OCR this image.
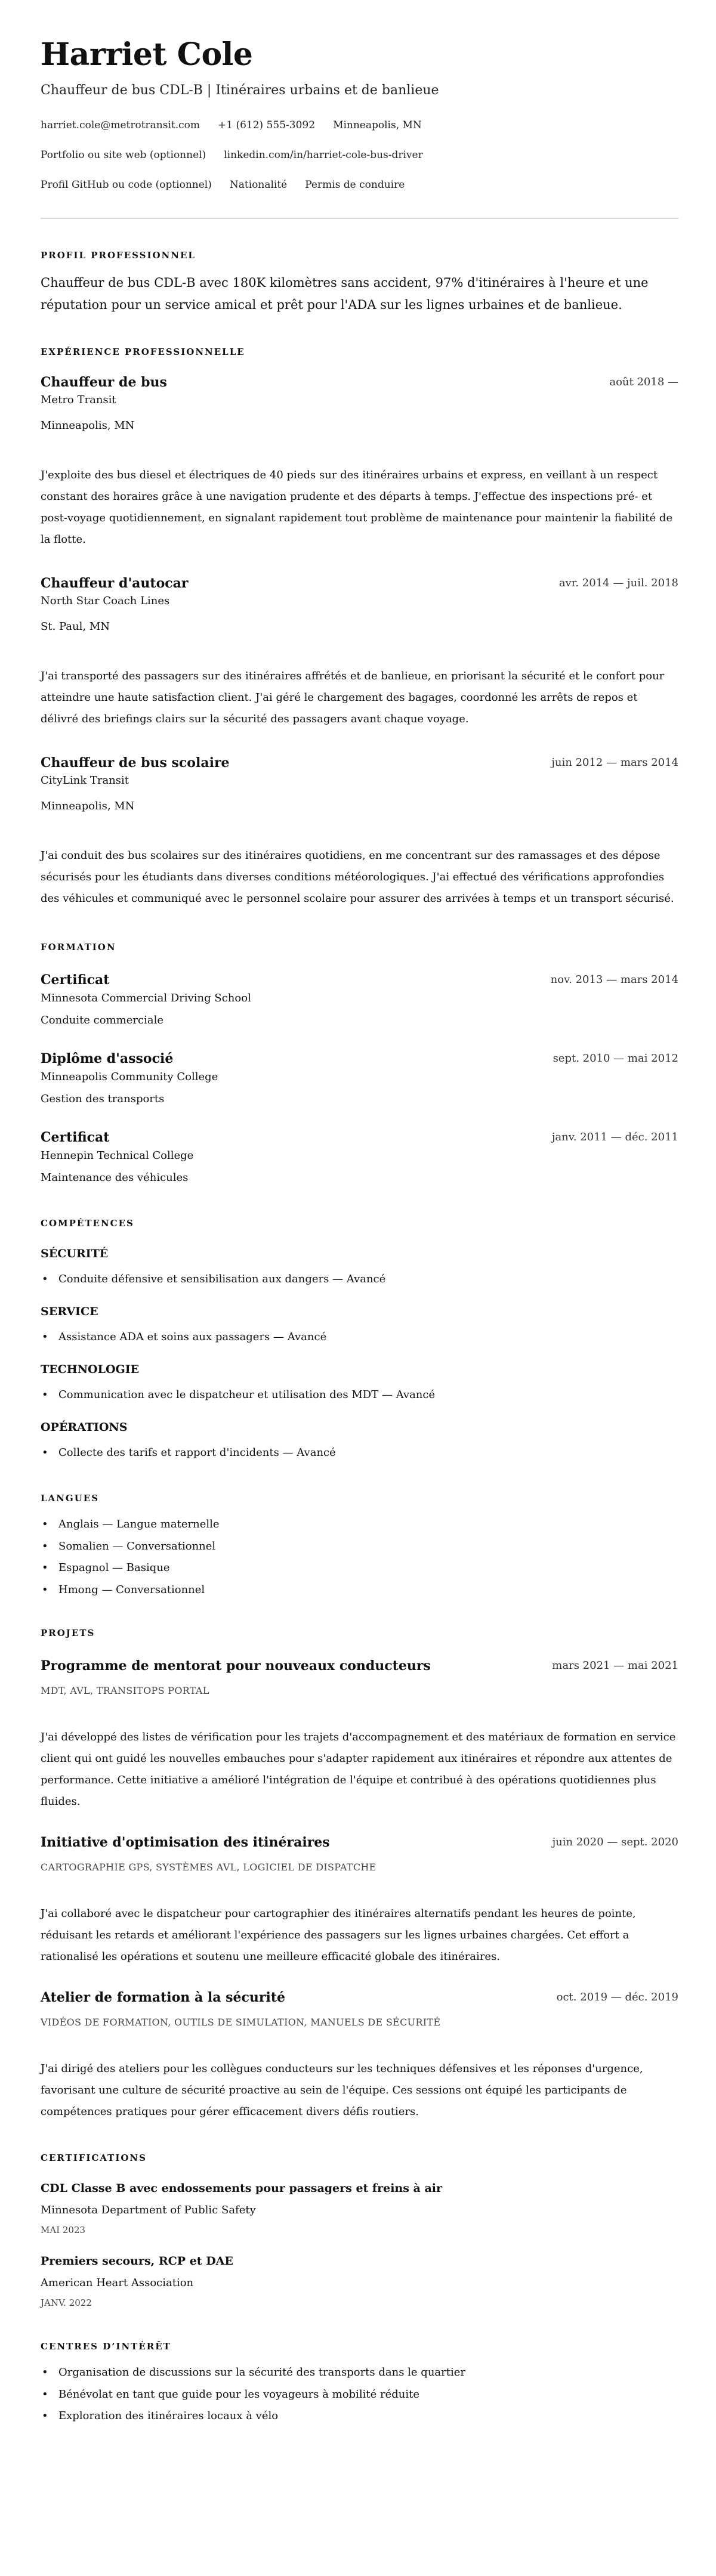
Harriet Cole
Chauffeur de bus CDL-B | Itinéraires urbains et de banlieue
harriet.cole@metrotransit.com +1 (612) 555-3092 Minneapolis, MN
Portfolio ou site web (optionnel) linkedin.com/in/harriet-cole-bus-driver
Profil GitHub ou code (optionnel) Nationalité Permis de conduire
PROFIL PROFESSIONNEL

Chauffeur de bus CDL-B avec 180K kilomètres sans accident, 97% d'itinéraires à l'heure et une réputation pour un service amical et prêt pour l'ADA sur les lignes urbaines et de banlieue.

EXPÉRIENCE PROFESSIONNELLE
Chauffeur de bus	août 2018 —
Metro Transit
Minneapolis, MN
J'exploite des bus diesel et électriques de 40 pieds sur des itinéraires urbains et express, en veillant à un respect constant des horaires grâce à une navigation prudente et des départs à temps. J'effectue des inspections pré- et post-voyage quotidiennement, en signalant rapidement tout problème de maintenance pour maintenir la fiabilité de la flotte.
Chauffeur d'autocar	avr. 2014 — juil. 2018
North Star Coach Lines
St. Paul, MN
J'ai transporté des passagers sur des itinéraires affrétés et de banlieue, en priorisant la sécurité et le confort pour atteindre une haute satisfaction client. J'ai géré le chargement des bagages, coordonné les arrêts de repos et délivré des briefings clairs sur la sécurité des passagers avant chaque voyage.
Chauffeur de bus scolaire	juin 2012 — mars 2014
CityLink Transit
Minneapolis, MN
J'ai conduit des bus scolaires sur des itinéraires quotidiens, en me concentrant sur des ramassages et des dépose sécurisés pour les étudiants dans diverses conditions météorologiques. J'ai effectué des vérifications approfondies des véhicules et communiqué avec le personnel scolaire pour assurer des arrivées à temps et un transport sécurisé.
FORMATION
Certificat	nov. 2013 — mars 2014
Minnesota Commercial Driving School
Conduite commerciale
Diplôme d'associé	sept. 2010 — mai 2012
Minneapolis Community College
Gestion des transports
Certificat	janv. 2011 — déc. 2011
Hennepin Technical College
Maintenance des véhicules
COMPÉTENCES
SÉCURITÉ
• Conduite défensive et sensibilisation aux dangers — Avancé
SERVICE
• Assistance ADA et soins aux passagers — Avancé
TECHNOLOGIE
• Communication avec le dispatcheur et utilisation des MDT — Avancé
OPÉRATIONS
• Collecte des tarifs et rapport d'incidents — Avancé
LANGUES
• Anglais — Langue maternelle
• Somalien — Conversationnel
• Espagnol — Basique
• Hmong — Conversationnel
PROJETS
Programme de mentorat pour nouveaux conducteurs	mars 2021 — mai 2021
MDT, AVL, TRANSITOPS PORTAL
J'ai développé des listes de vérification pour les trajets d'accompagnement et des matériaux de formation en service client qui ont guidé les nouvelles embauches pour s'adapter rapidement aux itinéraires et répondre aux attentes de performance. Cette initiative a amélioré l'intégration de l'équipe et contribué à des opérations quotidiennes plus fluides.
Initiative d'optimisation des itinéraires	juin 2020 — sept. 2020
CARTOGRAPHIE GPS, SYSTÈMES AVL, LOGICIEL DE DISPATCHE
J'ai collaboré avec le dispatcheur pour cartographier des itinéraires alternatifs pendant les heures de pointe, réduisant les retards et améliorant l'expérience des passagers sur les lignes urbaines chargées. Cet effort a rationalisé les opérations et soutenu une meilleure efficacité globale des itinéraires.
Atelier de formation à la sécurité	oct. 2019 — déc. 2019
VIDÉOS DE FORMATION, OUTILS DE SIMULATION, MANUELS DE SÉCURITÉ
J'ai dirigé des ateliers pour les collègues conducteurs sur les techniques défensives et les réponses d'urgence, favorisant une culture de sécurité proactive au sein de l'équipe. Ces sessions ont équipé les participants de compétences pratiques pour gérer efficacement divers défis routiers.
CERTIFICATIONS
CDL Classe B avec endossements pour passagers et freins à air
Minnesota Department of Public Safety
MAI 2023
Premiers secours, RCP et DAE
American Heart Association
JANV. 2022
CENTRES D’INTÉRÊT
• Organisation de discussions sur la sécurité des transports dans le quartier
• Bénévolat en tant que guide pour les voyageurs à mobilité réduite
• Exploration des itinéraires locaux à vélo
